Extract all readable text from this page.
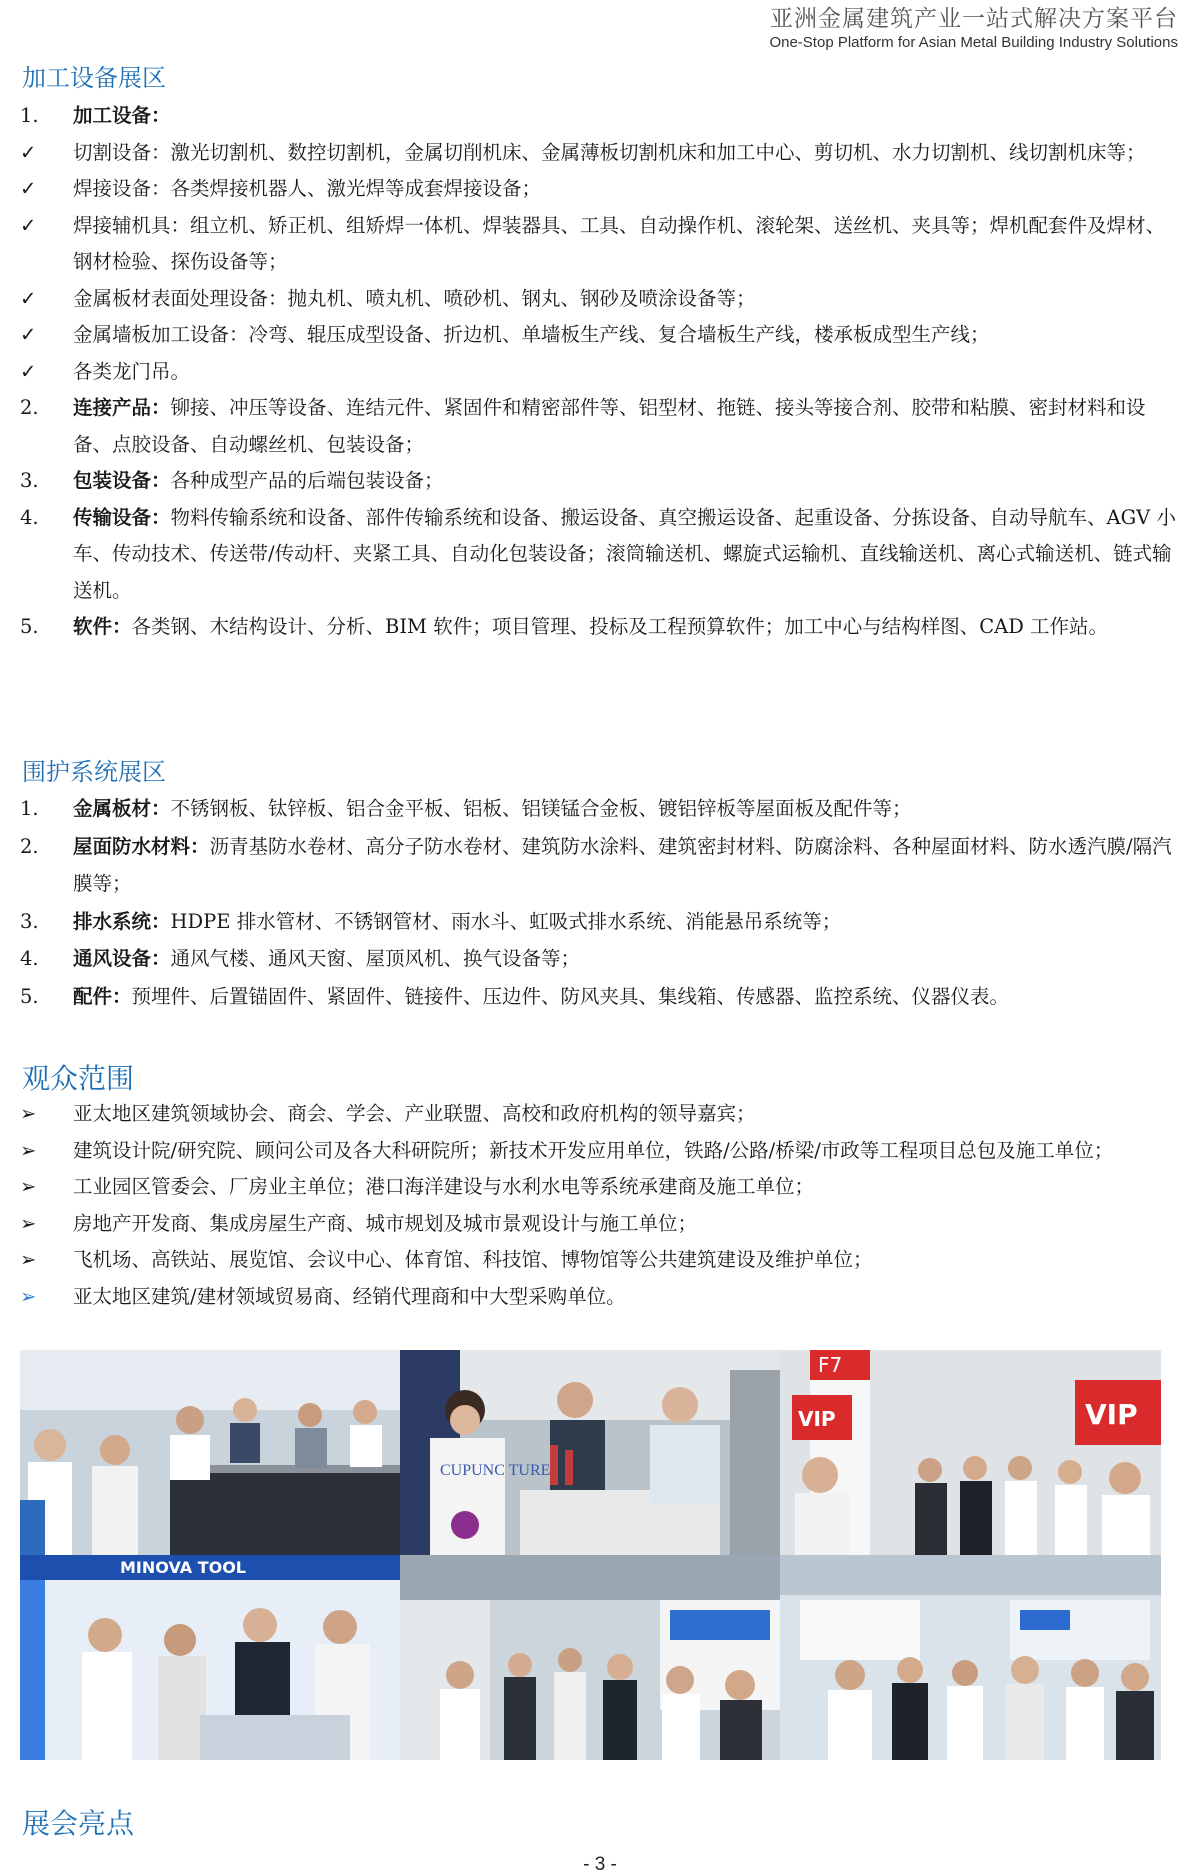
亚洲金属建筑产业一站式解决方案平台
One-Stop Platform for Asian Metal Building Industry Solutions
加工设备展区
1.	加工设备：
✓	切割设备：激光切割机、数控切割机，金属切削机床、金属薄板切割机床和加工中心、剪切机、水力切割机、线切割机床等；
✓	焊接设备：各类焊接机器人、激光焊等成套焊接设备；
✓	焊接辅机具：组立机、矫正机、组矫焊一体机、焊装器具、工具、自动操作机、滚轮架、送丝机、夹具等；焊机配套件及焊材、钢材检验、探伤设备等；
✓	金属板材表面处理设备：抛丸机、喷丸机、喷砂机、钢丸、钢砂及喷涂设备等；
✓	金属墙板加工设备：冷弯、辊压成型设备、折边机、单墙板生产线、复合墙板生产线，楼承板成型生产线；
✓	各类龙门吊。
2.	连接产品：铆接、冲压等设备、连结元件、紧固件和精密部件等、铝型材、拖链、接头等接合剂、胶带和粘膜、密封材料和设备、点胶设备、自动螺丝机、包装设备；
3.	包装设备：各种成型产品的后端包装设备；
4.	传输设备：物料传输系统和设备、部件传输系统和设备、搬运设备、真空搬运设备、起重设备、分拣设备、自动导航车、AGV 小车、传动技术、传送带/传动杆、夹紧工具、自动化包装设备；滚筒输送机、螺旋式运输机、直线输送机、离心式输送机、链式输送机。
5.	软件：各类钢、木结构设计、分析、BIM 软件；项目管理、投标及工程预算软件；加工中心与结构样图、CAD 工作站。
围护系统展区
1.	金属板材：不锈钢板、钛锌板、铝合金平板、铝板、铝镁锰合金板、镀铝锌板等屋面板及配件等；
2.	屋面防水材料：沥青基防水卷材、高分子防水卷材、建筑防水涂料、建筑密封材料、防腐涂料、各种屋面材料、防水透汽膜/隔汽膜等；
3.	排水系统：HDPE 排水管材、不锈钢管材、雨水斗、虹吸式排水系统、消能悬吊系统等；
4.	通风设备：通风气楼、通风天窗、屋顶风机、换气设备等；
5.	配件：预埋件、后置锚固件、紧固件、链接件、压边件、防风夹具、集线箱、传感器、监控系统、仪器仪表。
观众范围
➢	亚太地区建筑领域协会、商会、学会、产业联盟、高校和政府机构的领导嘉宾；
➢	建筑设计院/研究院、顾问公司及各大科研院所；新技术开发应用单位，铁路/公路/桥梁/市政等工程项目总包及施工单位；
➢	工业园区管委会、厂房业主单位；港口海洋建设与水利水电等系统承建商及施工单位；
➢	房地产开发商、集成房屋生产商、城市规划及城市景观设计与施工单位；
➢	飞机场、高铁站、展览馆、会议中心、体育馆、科技馆、博物馆等公共建筑建设及维护单位；
➢	亚太地区建筑/建材领域贸易商、经销代理商和中大型采购单位。
CUPUNC TURE
F7
VIP	VIP
MINOVA TOOL
展会亮点
- 3 -
